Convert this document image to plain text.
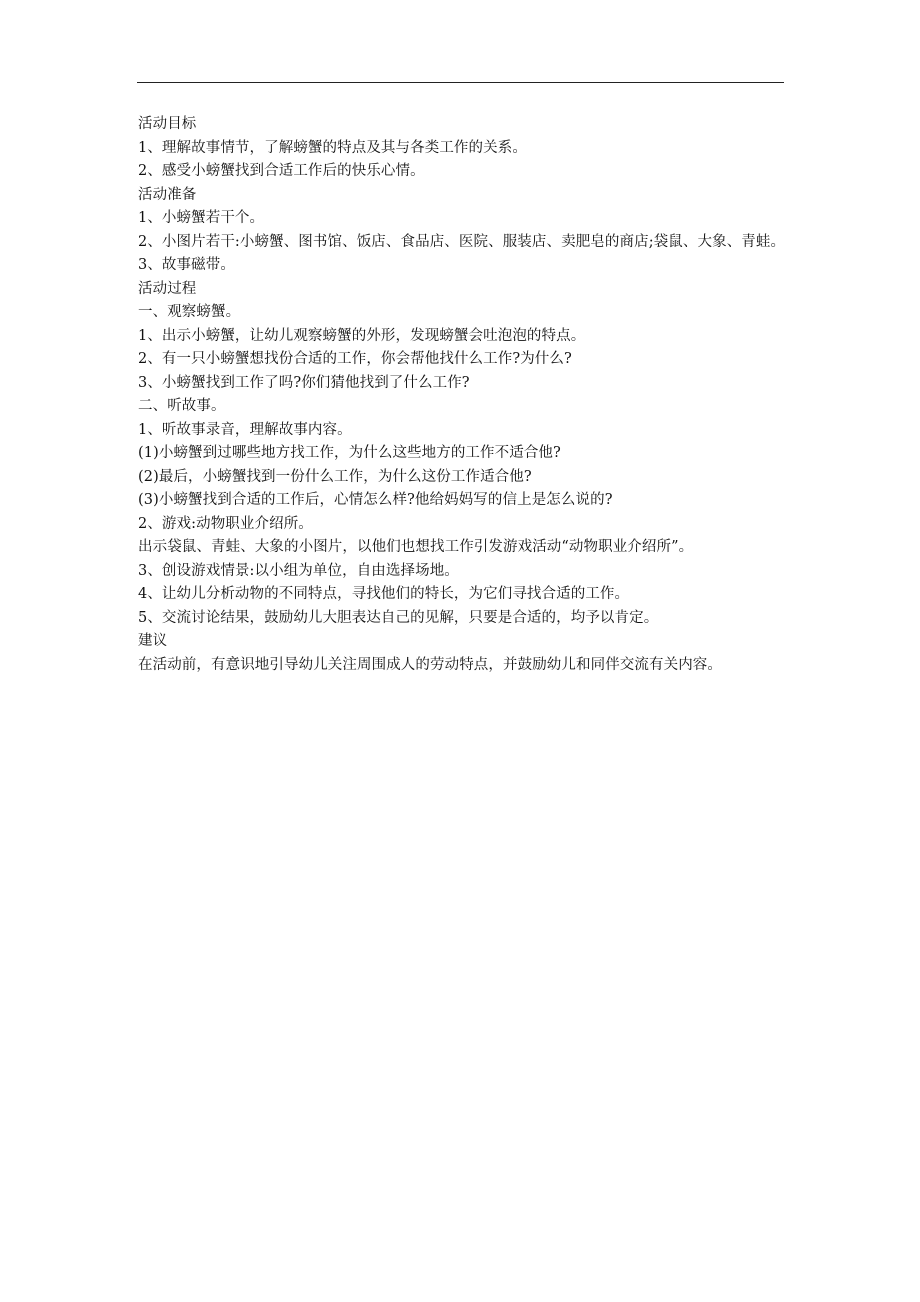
活动目标

1、理解故事情节，了解螃蟹的特点及其与各类工作的关系。

2、感受小螃蟹找到合适工作后的快乐心情。

活动准备

1、小螃蟹若干个。

2、小图片若干:小螃蟹、图书馆、饭店、食品店、医院、服装店、卖肥皂的商店;袋鼠、大象、青蛙。

3、故事磁带。

活动过程

一、观察螃蟹。

1、出示小螃蟹，让幼儿观察螃蟹的外形，发现螃蟹会吐泡泡的特点。

2、有一只小螃蟹想找份合适的工作，你会帮他找什么工作?为什么?

3、小螃蟹找到工作了吗?你们猜他找到了什么工作?

二、听故事。

1、听故事录音，理解故事内容。

(1)小螃蟹到过哪些地方找工作，为什么这些地方的工作不适合他?

(2)最后，小螃蟹找到一份什么工作，为什么这份工作适合他?

(3)小螃蟹找到合适的工作后，心情怎么样?他给妈妈写的信上是怎么说的?

2、游戏:动物职业介绍所。

出示袋鼠、青蛙、大象的小图片，以他们也想找工作引发游戏活动“动物职业介绍所”。

3、创设游戏情景:以小组为单位，自由选择场地。

4、让幼儿分析动物的不同特点，寻找他们的特长，为它们寻找合适的工作。

5、交流讨论结果，鼓励幼儿大胆表达自己的见解，只要是合适的，均予以肯定。

建议

在活动前，有意识地引导幼儿关注周围成人的劳动特点，并鼓励幼儿和同伴交流有关内容。
